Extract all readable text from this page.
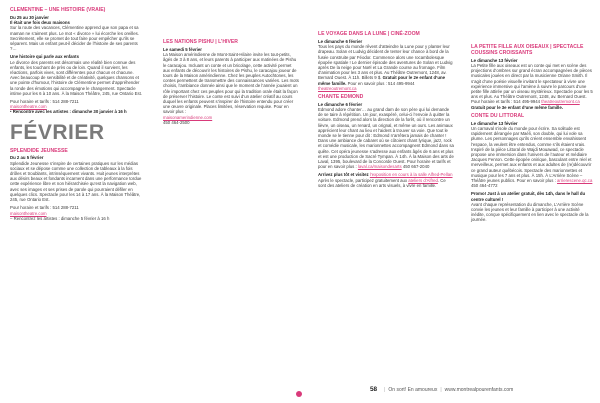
CLEMENTINE – UNE HISTOIRE (VRAIE)
Du 25 au 30 janvier
Il était une fois deux maisons

Sur la route des vacances, Clémentine apprend que son papa et sa maman ne s’aiment plus. Le mot « divorce » lui écorche les oreilles. Secrètement, elle se promet de tout faire pour empêcher qu’ils se séparent. Mais un enfant peut-il décider de l’histoire de ses parents ?…

Une histoire qui parle aux enfants

Le divorce des parents est désormais une réalité bien connue des enfants, les touchant de près ou de loin. Quand il survient, les réactions, parfois vives, sont différentes pour chacun et chacune. Avec beaucoup de sensibilité et de créativité, quelques chansons et une pointe d’humour, l’histoire de Clémentine permet d’appréhender la ronde des émotions qui accompagne le changement. Spectacle intime pour les 6 à 10 ans. À la Maison Théâtre, 245, rue Ontario Est.

Pour horaire et tarifs : 514 288-7211
maisontheatre.com
• Rencontre avec les artistes : dimanche 30 janvier à 16 h
FÉVRIER
SPLENDIDE JEUNESSE
Du 2 au 5 février

Splendide Jeunesse s’inspire de certaines pratiques sur les médias sociaux et se dépose comme une collection de tableaux à la fois drôles et troublants, intrinsèquement vivants. Huit jeunes interprètes aux désirs beaux et fondants incarnent dans une performance tordue cette expérience libre et non hiérarchisée qu’est la navigation web, avec ses images et ses prises de parole qui pourraient défiler en quelques clics. Spectacle pour les 14 à 17 ans. À la Maison Théâtre, 245, rue Ontario Est.

Pour horaire et tarifs : 514 288-7211
maisontheatre.com
– Rencontrez les artistes : dimanche 5 février à 16 h
LES NATIONS PISHU | L’HIVER
Le samedi 5 février

La Maison amérindienne de Mont-Saint-Hilaire invite les tout-petits, âgés de 3 à 8 ans, et leurs parents à participer aux matinées de Pishu le caracajou. Incluant un conte et un bricolage, cette activité permet aux enfants de découvrir les histoires de Pishu, le caracajou joueur de tours de la Maison amérindienne. Chez les peuples Autochtones, les contes permettent de transmettre des connaissances variées. Les mots choisis, l’ambiance donnée ainsi que le moment de l’année jouaient un rôle important chez ces peuples pour qui la tradition orale était la façon de préserver l’histoire. Le conte est suivi d’un atelier créatif au cours duquel les enfants peuvent s’inspirer de l’histoire entendu pour créer une œuvre originale. Places limitées, réservation requise. Pour en savoir plus :

maisonamerindienne.com
450 464-2500
LE VOYAGE DANS LA LUNE | CINÉ-ZOOM
Le dimanche 6 février

Tous les pays du monde rêvent d’atteindre la Lune pour y planter leur drapeau. Solan et Ludvig décident de tenter leur chance à bord de la fusée construite par Féodor. Commence alors une rocambolesque épopée spatiale ! Le dernier épisode des aventures de Solan et Ludvig après De la neige pour Noël et La Grande course au fromage. Film d’animation pour les 3 ans et plus. Au Théâtre Outremont, 1248, av. Bernard Ouest. À 11h. Billets 9 $. Gratuit pour le 2e enfant d’une même famille. Pour en savoir plus : 514 495-9944 theatreoutremont.ca

CHANTE EDMOND
Le dimanche 6 février

Edmond adore chanter… au grand dam de son père qui lui demande de se taire à répétition. Un jour, exaspéré, celui-ci l’envoie à quitter la voiture. Edmond prend alors la direction de la forêt, où il rencontre un lièvre, un oiseau, un renard, un orignal, et même un ours. Les animaux apprécient leur chant au lieu et l’aident à trouver sa voie. Que tout le monde se le tienne pour dit : Edmond n’arrêtera jamais de chanter ! Dans une ambiance de cabaret où se côtoient chant lyrique, jazz, rock et comédie musicale, les marionnettes accompagnent Edmond dans sa quête. Cet opéra jeunesse s’adresse aux enfants âgés de 6 ans et plus et est une production de Sacré Tympan. À 14h. À la Maison des arts de Laval, 1395, boulevard de la Concorde Ouest. Pour horaire et tarifs et pour en savoir plus : laval.ca/maisondesarts 450 667-2040

Arrivez plus tôt et visitez l’exposition en cours à la salle Alfred-Pellan Après le spectacle, participez gratuitement aux ateliers d’Alfred. Ce sont des ateliers de création en arts visuels, à vivre en famille.

LA PETITE FILLE AUX OISEAUX | SPECTACLE COUSSINS CROISSANTS
Le dimanche 13 février

La Petite fille aux oiseaux est un conte qui met en scène des projections d’ombres sur grand écran accompagnées de pièces musicales jouées en direct par la musicienne Oriane Smith. Il s’agit d’une poésie visuelle invitant le spectateur à vivre une expérience immersive qui l’amène à suivre le parcours d’une petite fille attirée par un oiseau mystérieux. Spectacle pour les 5 ans et plus. Au Théâtre Outremont, 1248, av. Bernard Ouest. Pour horaire et tarifs : 514 495-9944 theatreoutremont.ca Gratuit pour le 3e enfant d’une même famille.

CONTE DU LITTORAL
Le dimanche 13 février

Un carnaval s’isole du monde pour écrire. Sa solitude est rapidement dérangée par Maéli, son double, qui lui vole sa plume. Les personnages qu’ils créent ensemble envahissent l’espace, la veulent être entendus, comme s’ils étaient vrais. Inspiré de la pièce Littoral de Wajdi Mouawad, ce spectacle propose une immersion dans l’univers de l’auteur et médiaire Jacques Fenron. Cette épopée onirique, basculant entre réel et merveilleux, permet aux enfants et aux adultes de (re)découvrir ce grand auteur québécois. Spectacle des marionnettes et musique pour les 7 ans et plus. À 15h. À L’Arrière Scène – Théâtre jeunes publics. Pour en savoir plus : arrierescene.qc.ca 450 464-4772

Promo! Just à un atelier gratuit, dès 14h, dans le hall du centre culturel !

Avant chaque représentation du dimanche, L’Arrière Scène convie les jeunes et leur famille à participer à une activité inédite, conçue spécifiquement en lien avec le spectacle de la journée.

58 | On sort! En amoureux | www.montrealpourenfants.com
